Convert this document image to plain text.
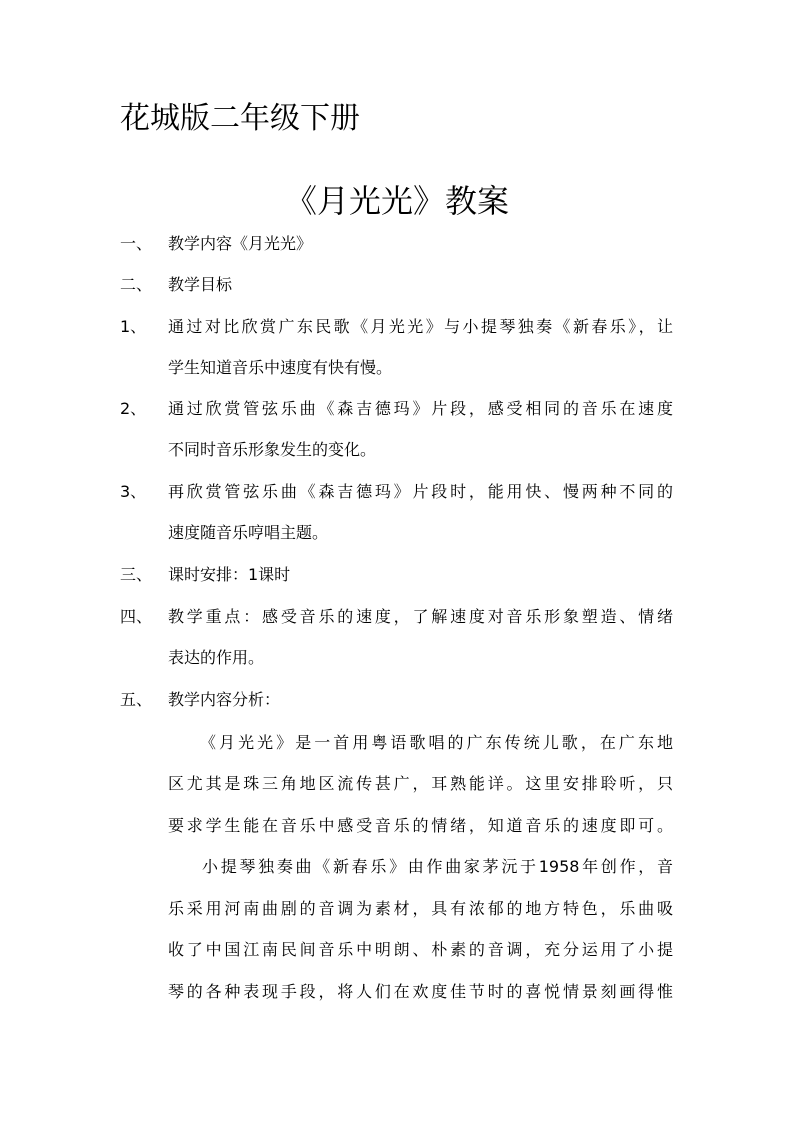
花城版二年级下册
《月光光》教案
一、 教学内容《月光光》
二、 教学目标
1、 通过对比欣赏广东民歌《月光光》与小提琴独奏《新春乐》，让
学生知道音乐中速度有快有慢。
2、 通过欣赏管弦乐曲《森吉德玛》片段，感受相同的音乐在速度
不同时音乐形象发生的变化。
3、 再欣赏管弦乐曲《森吉德玛》片段时，能用快、慢两种不同的
速度随音乐哼唱主题。
三、 课时安排：1课时
四、 教学重点：感受音乐的速度，了解速度对音乐形象塑造、情绪
表达的作用。
五、 教学内容分析：
《月光光》是一首用粤语歌唱的广东传统儿歌，在广东地
区尤其是珠三角地区流传甚广，耳熟能详。这里安排聆听，只
要求学生能在音乐中感受音乐的情绪，知道音乐的速度即可。
小提琴独奏曲《新春乐》由作曲家茅沅于1958年创作，音
乐采用河南曲剧的音调为素材，具有浓郁的地方特色，乐曲吸
收了中国江南民间音乐中明朗、朴素的音调，充分运用了小提
琴的各种表现手段，将人们在欢度佳节时的喜悦情景刻画得惟
